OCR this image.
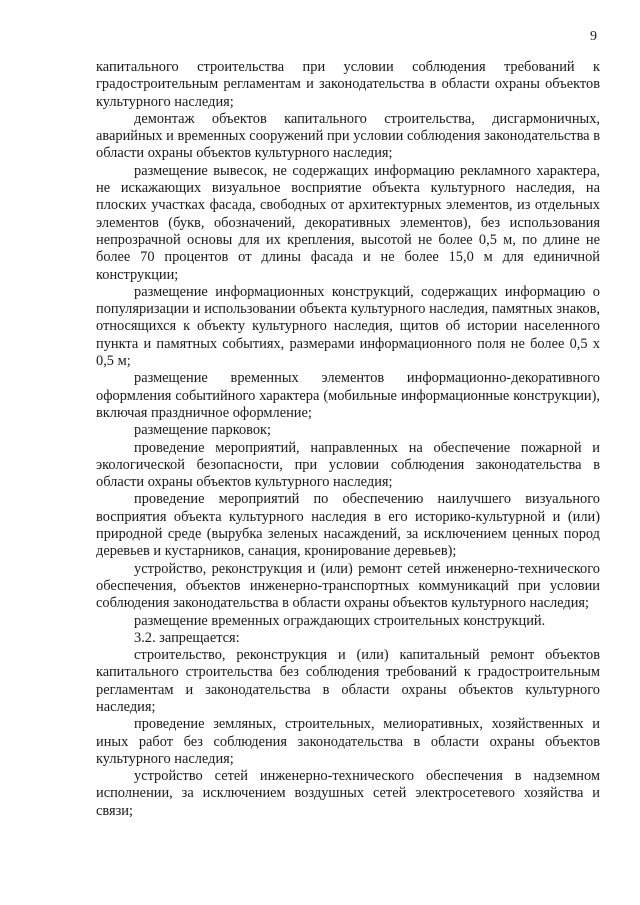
9

капитального строительства при условии соблюдения требований к градостроительным регламентам и законодательства в области охраны объектов культурного наследия;

демонтаж объектов капитального строительства, дисгармоничных, аварийных и временных сооружений при условии соблюдения законодательства в области охраны объектов культурного наследия;

размещение вывесок, не содержащих информацию рекламного характера, не искажающих визуальное восприятие объекта культурного наследия, на плоских участках фасада, свободных от архитектурных элементов, из отдельных элементов (букв, обозначений, декоративных элементов), без использования непрозрачной основы для их крепления, высотой не более 0,5 м, по длине не более 70 процентов от длины фасада и не более 15,0 м для единичной конструкции;

размещение информационных конструкций, содержащих информацию о популяризации и использовании объекта культурного наследия, памятных знаков, относящихся к объекту культурного наследия, щитов об истории населенного пункта и памятных событиях, размерами информационного поля не более 0,5 х 0,5 м;

размещение временных элементов информационно-декоративного оформления событийного характера (мобильные информационные конструкции), включая праздничное оформление;

размещение парковок;

проведение мероприятий, направленных на обеспечение пожарной и экологической безопасности, при условии соблюдения законодательства в области охраны объектов культурного наследия;

проведение мероприятий по обеспечению наилучшего визуального восприятия объекта культурного наследия в его историко-культурной и (или) природной среде (вырубка зеленых насаждений, за исключением ценных пород деревьев и кустарников, санация, кронирование деревьев);

устройство, реконструкция и (или) ремонт сетей инженерно-технического обеспечения, объектов инженерно-транспортных коммуникаций при условии соблюдения законодательства в области охраны объектов культурного наследия;

размещение временных ограждающих строительных конструкций.

3.2. запрещается:

строительство, реконструкция и (или) капитальный ремонт объектов капитального строительства без соблюдения требований к градостроительным регламентам и законодательства в области охраны объектов культурного наследия;

проведение земляных, строительных, мелиоративных, хозяйственных и иных работ без соблюдения законодательства в области охраны объектов культурного наследия;

устройство сетей инженерно-технического обеспечения в надземном исполнении, за исключением воздушных сетей электросетевого хозяйства и связи;
